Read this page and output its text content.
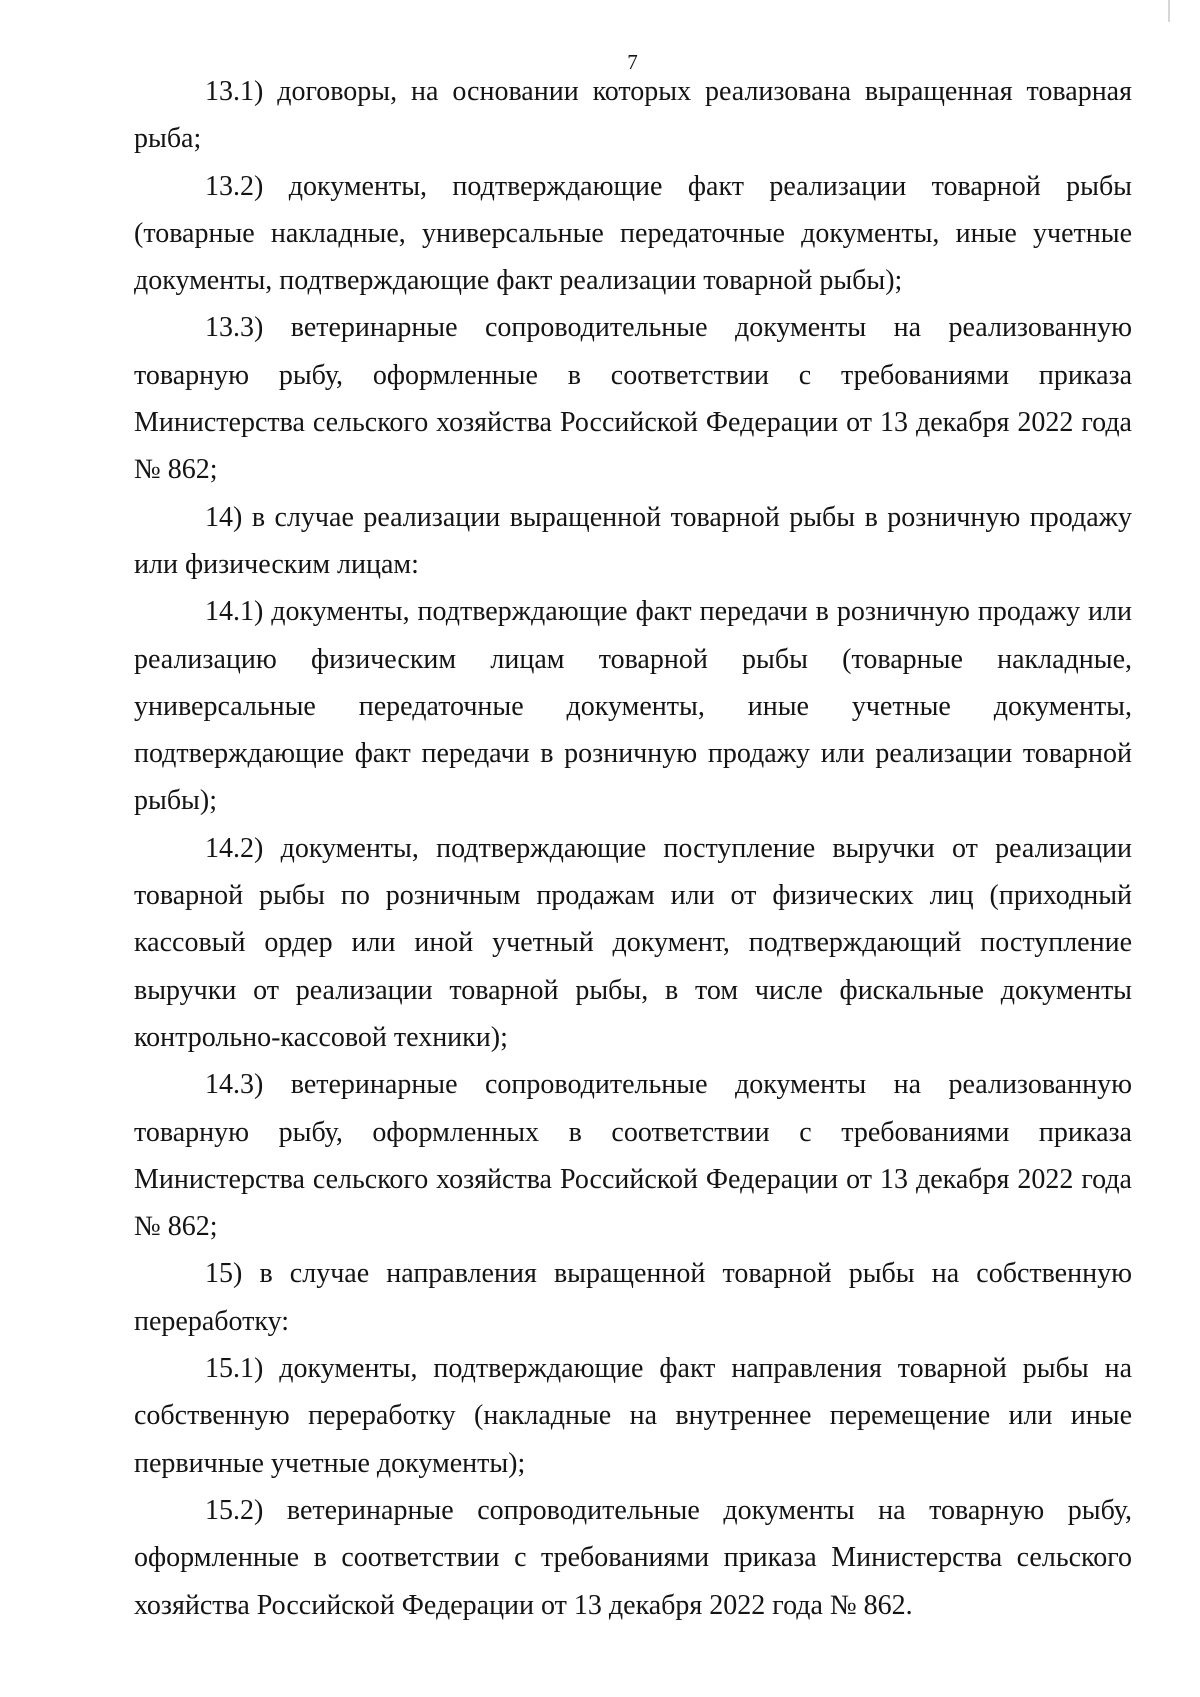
7

13.1) договоры, на основании которых реализована выращенная товарная рыба;

13.2) документы, подтверждающие факт реализации товарной рыбы (товарные накладные, универсальные передаточные документы, иные учетные документы, подтверждающие факт реализации товарной рыбы);

13.3) ветеринарные сопроводительные документы на реализованную товарную рыбу, оформленные в соответствии с требованиями приказа Министерства сельского хозяйства Российской Федерации от 13 декабря 2022 года № 862;

14) в случае реализации выращенной товарной рыбы в розничную продажу или физическим лицам:

14.1) документы, подтверждающие факт передачи в розничную продажу или реализацию физическим лицам товарной рыбы (товарные накладные, универсальные передаточные документы, иные учетные документы, подтверждающие факт передачи в розничную продажу или реализации товарной рыбы);

14.2) документы, подтверждающие поступление выручки от реализации товарной рыбы по розничным продажам или от физических лиц (приходный кассовый ордер или иной учетный документ, подтверждающий поступление выручки от реализации товарной рыбы, в том числе фискальные документы контрольно-кассовой техники);

14.3) ветеринарные сопроводительные документы на реализованную товарную рыбу, оформленных в соответствии с требованиями приказа Министерства сельского хозяйства Российской Федерации от 13 декабря 2022 года № 862;

15) в случае направления выращенной товарной рыбы на собственную переработку:

15.1) документы, подтверждающие факт направления товарной рыбы на собственную переработку (накладные на внутреннее перемещение или иные первичные учетные документы);

15.2) ветеринарные сопроводительные документы на товарную рыбу, оформленные в соответствии с требованиями приказа Министерства сельского хозяйства Российской Федерации от 13 декабря 2022 года № 862.
